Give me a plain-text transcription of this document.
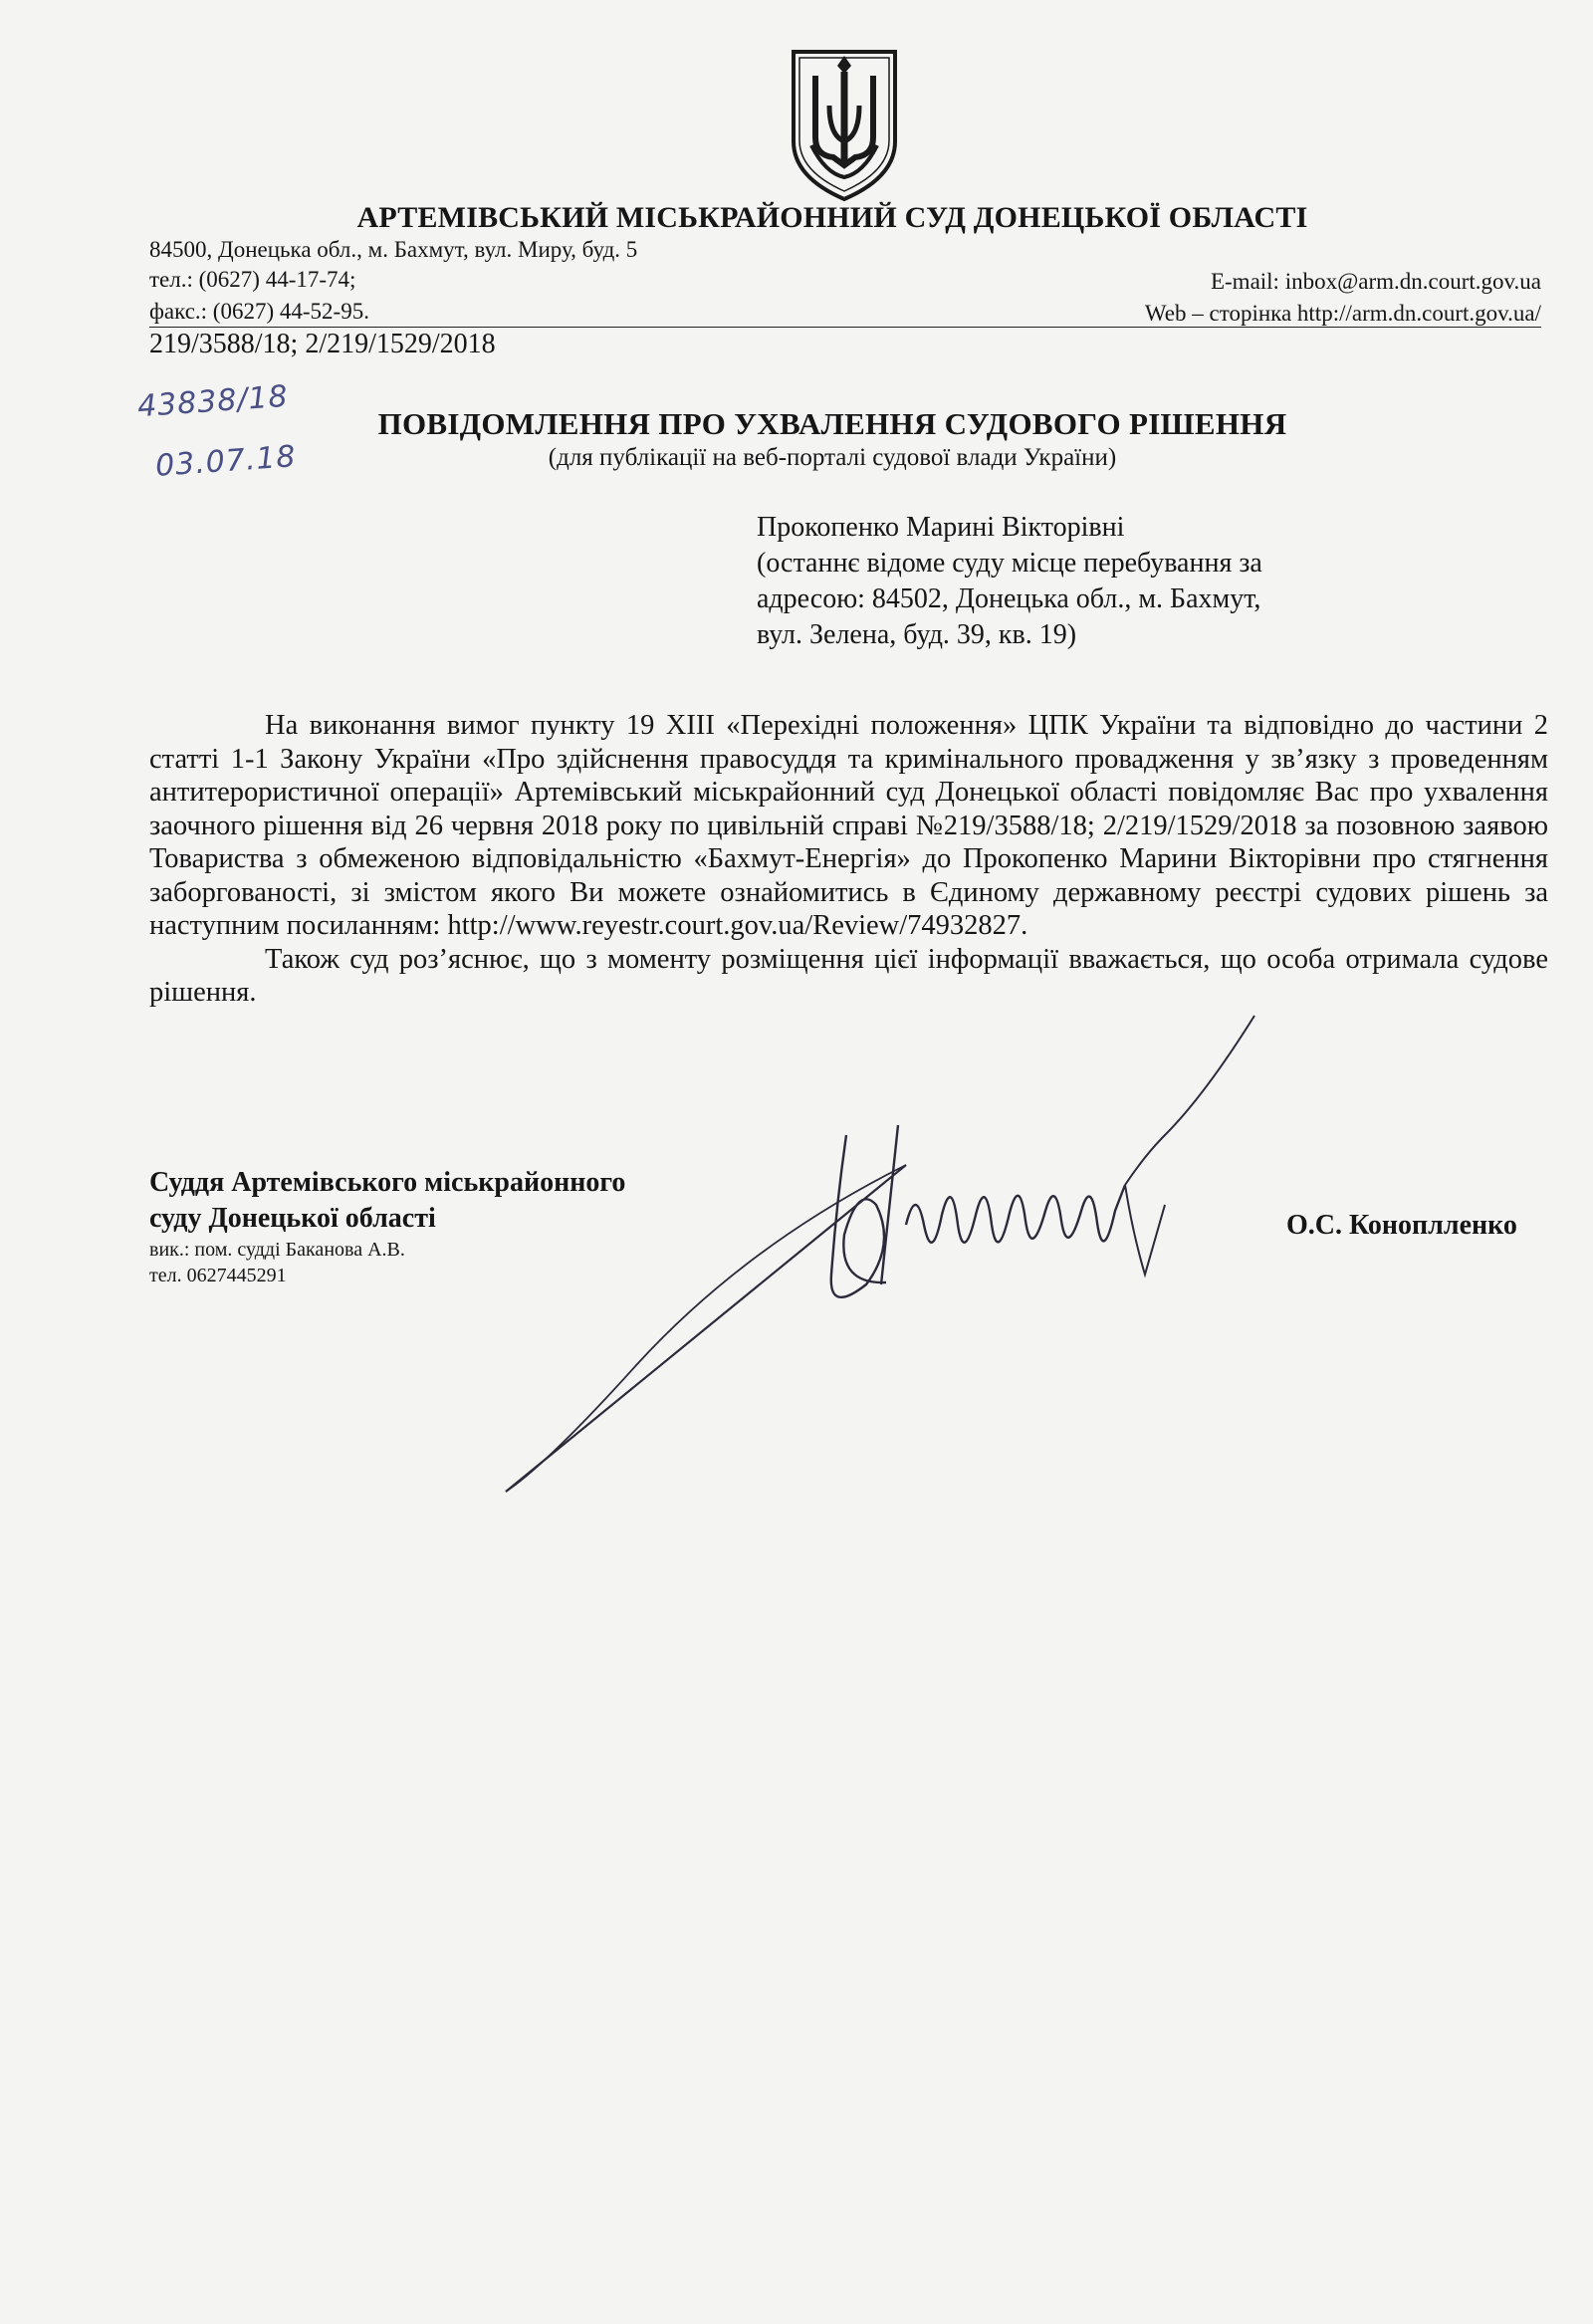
АРТЕМІВСЬКИЙ МІСЬКРАЙОННИЙ СУД ДОНЕЦЬКОЇ ОБЛАСТІ
84500, Донецька обл., м. Бахмут, вул. Миру, буд. 5
тел.: (0627) 44-17-74;
факс.: (0627) 44-52-95.
E-mail: inbox@arm.dn.court.gov.ua
Web – сторінка http://arm.dn.court.gov.ua/
219/3588/18; 2/219/1529/2018
43838/18
03.07.18
ПОВІДОМЛЕННЯ ПРО УХВАЛЕННЯ СУДОВОГО РІШЕННЯ
(для публікації на веб-порталі судової влади України)
Прокопенко Марині Вікторівні
(останнє відоме суду місце перебування за
адресою: 84502, Донецька обл., м. Бахмут,
вул. Зелена, буд. 39, кв. 19)

На виконання вимог пункту 19 ХІІІ «Перехідні положення» ЦПК України та відповідно до частини 2 статті 1-1 Закону України «Про здійснення правосуддя та кримінального провадження у зв’язку з проведенням антитерористичної операції» Артемівський міськрайонний суд Донецької області повідомляє Вас про ухвалення заочного рішення від 26 червня 2018 року по цивільній справі №219/3588/18; 2/219/1529/2018 за позовною заявою Товариства з обмеженою відповідальністю «Бахмут-Енергія» до Прокопенко Марини Вікторівни про стягнення заборгованості, зі змістом якого Ви можете ознайомитись в Єдиному державному реєстрі судових рішень за наступним посиланням: http://www.reyestr.court.gov.ua/Review/74932827.

Також суд роз’яснює, що з моменту розміщення цієї інформації вважається, що особа отримала судове рішення.

Суддя Артемівського міськрайонного
суду Донецької області
вик.: пом. судді Баканова А.В.
тел. 0627445291
О.С. Коноплленко
